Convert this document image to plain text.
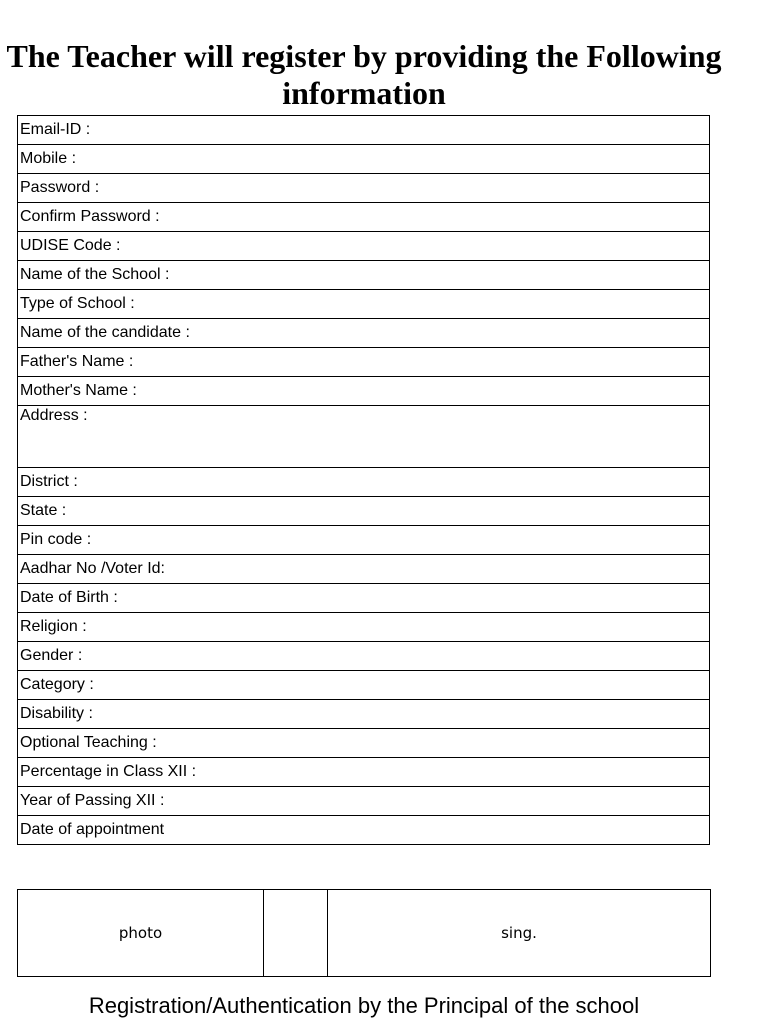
The Teacher will register by providing the Following information
Email-ID :
Mobile :
Password :
Confirm Password :
UDISE Code :
Name of the School :
Type of School :
Name of the candidate :
Father's Name :
Mother's Name :
Address :
District :
State :
Pin code :
Aadhar No /Voter Id:
Date of Birth :
Religion :
Gender :
Category :
Disability :
Optional Teaching :
Percentage in Class XII :
Year of Passing XII :
Date of appointment
photo		sing.
Registration/Authentication by the Principal of the school
